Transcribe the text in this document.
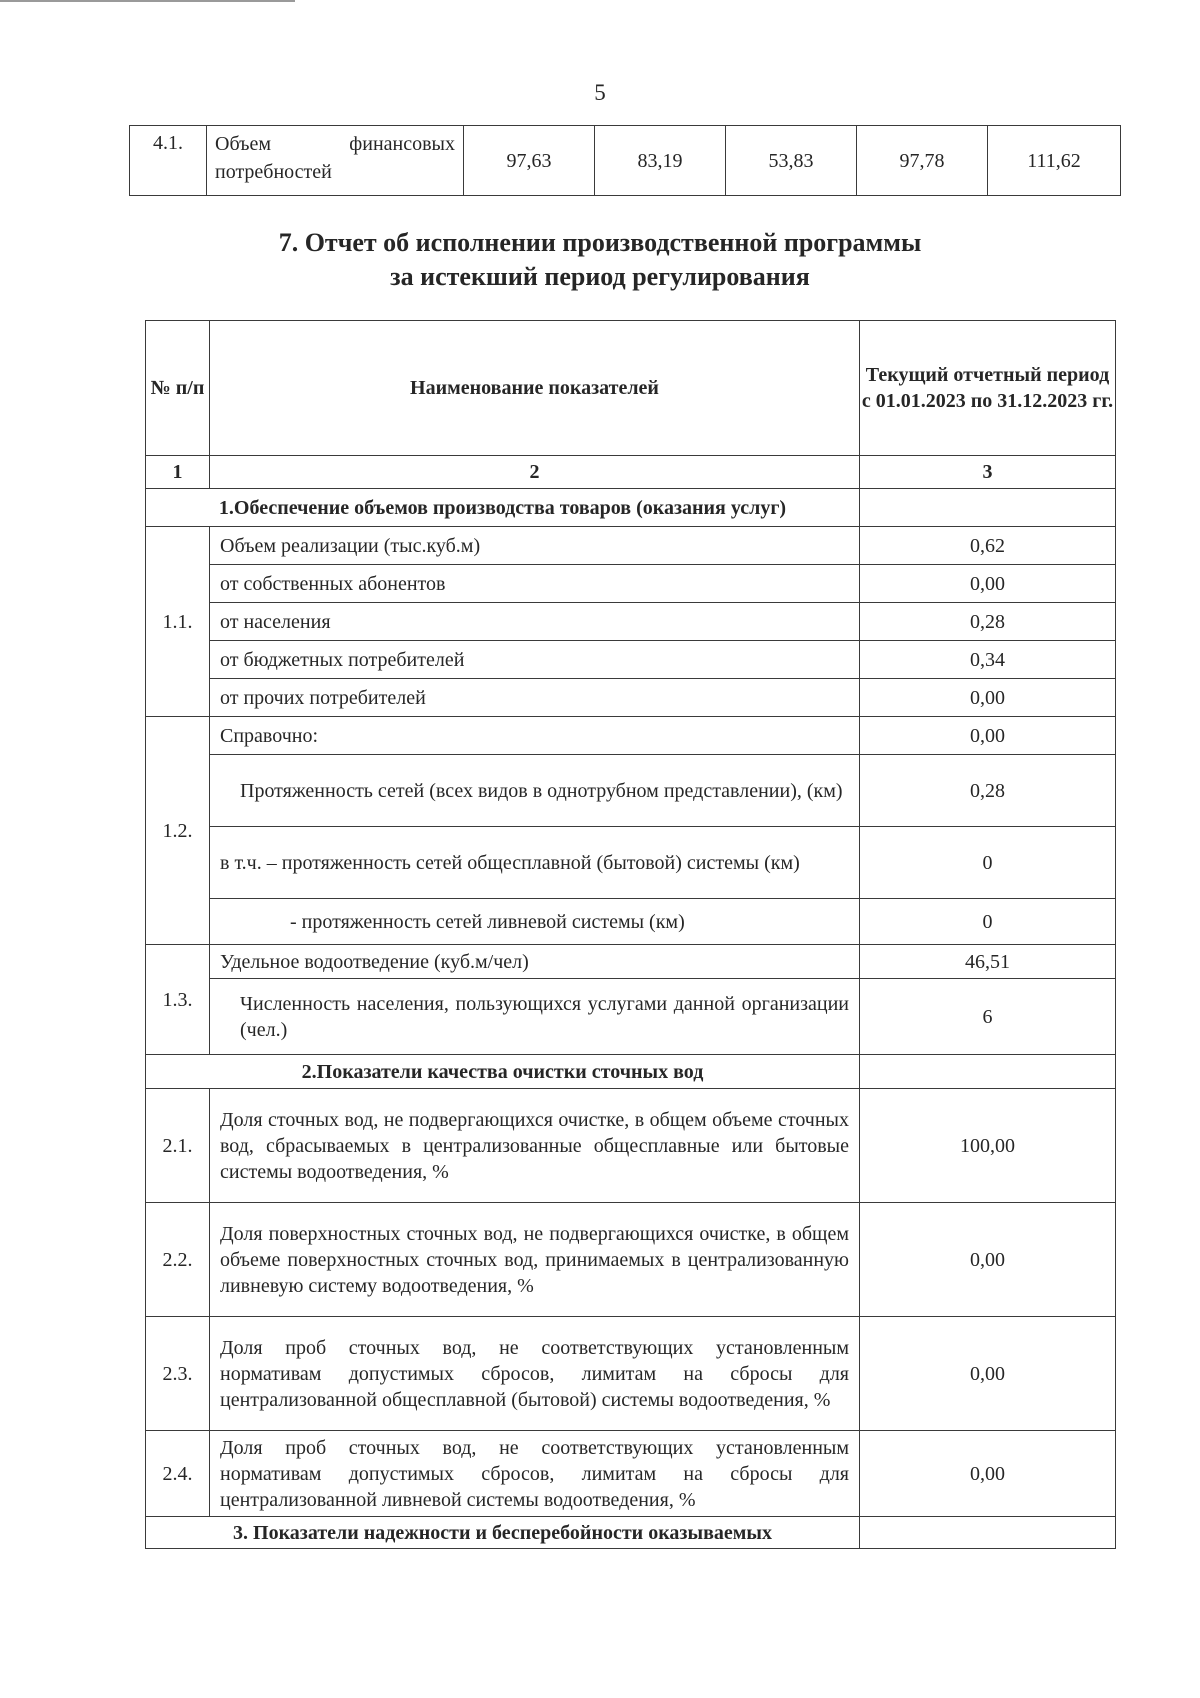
5
4.1.	Объем финансовых потребностей	97,63	83,19	53,83	97,78	111,62
7. Отчет об исполнении производственной программы
за истекший период регулирования
№ п/п	Наименование показателей	Текущий отчетный период с 01.01.2023 по 31.12.2023 гг.
1	2	3
1.Обеспечение объемов производства товаров (оказания услуг)		
1.1.	Объем реализации (тыс.куб.м)	0,62
	от собственных абонентов	0,00
	от населения	0,28
	от бюджетных потребителей	0,34
	от прочих потребителей	0,00
1.2.	Справочно:	0,00
	Протяженность сетей (всех видов в однотрубном представлении), (км)	0,28
	в т.ч. – протяженность сетей общесплавной (бытовой) системы (км)	0
	- протяженность сетей ливневой системы (км)	0
1.3.	Удельное водоотведение (куб.м/чел)	46,51
	Численность населения, пользующихся услугами данной организации (чел.)	6
2.Показатели качества очистки сточных вод		
2.1.	Доля сточных вод, не подвергающихся очистке, в общем объеме сточных вод, сбрасываемых в централизованные общесплавные или бытовые системы водоотведения, %	100,00
2.2.	Доля поверхностных сточных вод, не подвергающихся очистке, в общем объеме поверхностных сточных вод, принимаемых в централизованную ливневую систему водоотведения, %	0,00
2.3.	Доля проб сточных вод, не соответствующих установленным нормативам допустимых сбросов, лимитам на сбросы для централизованной общесплавной (бытовой) системы водоотведения, %	0,00
2.4.	Доля проб сточных вод, не соответствующих установленным нормативам допустимых сбросов, лимитам на сбросы для централизованной ливневой системы водоотведения, %	0,00
3. Показатели надежности и бесперебойности оказываемых		
